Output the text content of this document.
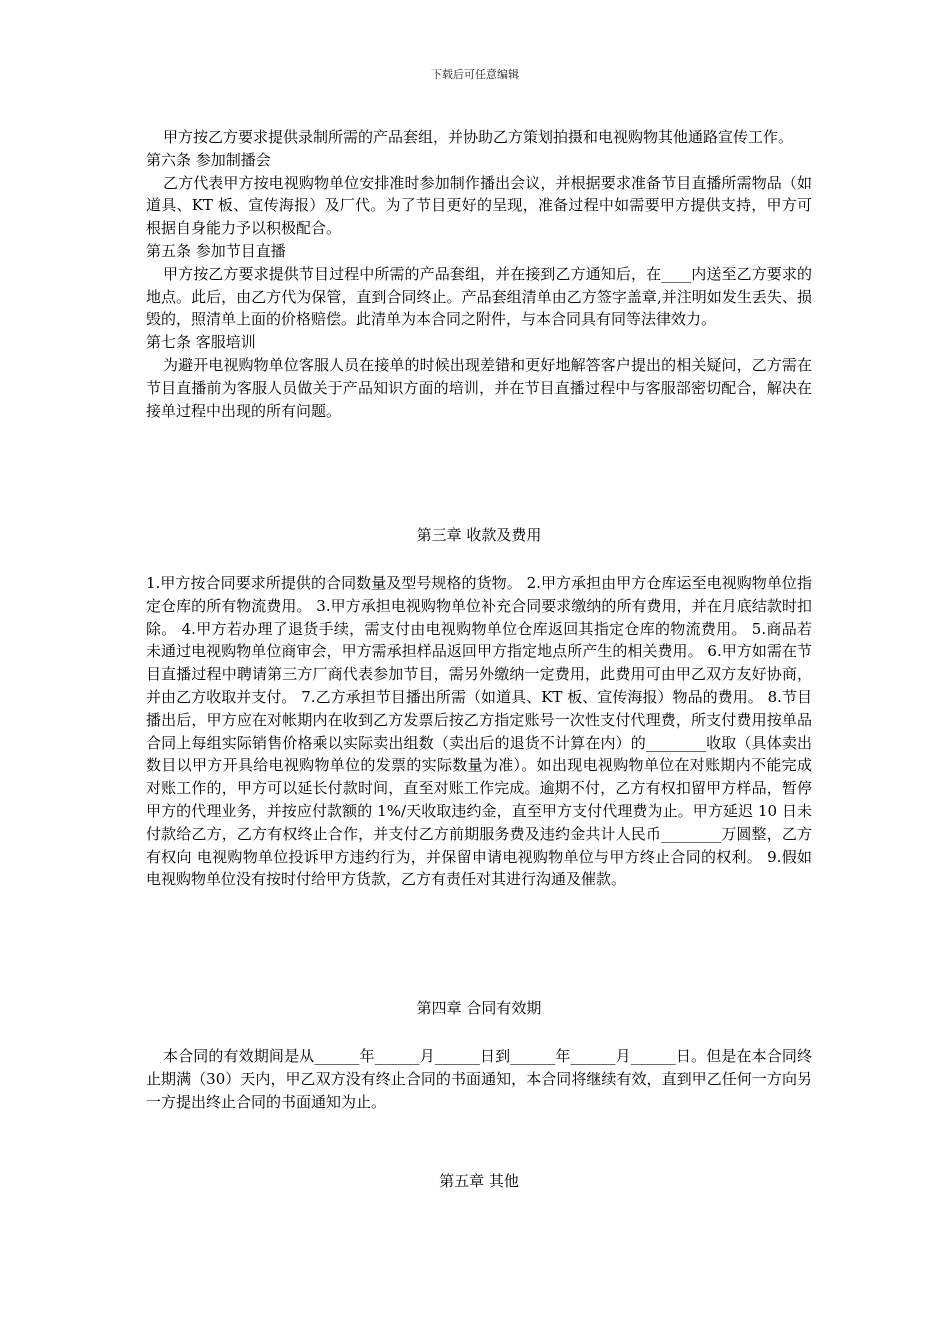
下载后可任意编辑

甲方按乙方要求提供录制所需的产品套组，并协助乙方策划拍摄和电视购物其他通路宣传工作。

第六条 参加制播会

乙方代表甲方按电视购物单位安排准时参加制作播出会议，并根据要求准备节目直播所需物品（如道具、KT 板、宣传海报）及厂代。为了节目更好的呈现，准备过程中如需要甲方提供支持，甲方可根据自身能力予以积极配合。

第五条 参加节目直播

甲方按乙方要求提供节目过程中所需的产品套组，并在接到乙方通知后，在____内送至乙方要求的地点。此后，由乙方代为保管，直到合同终止。产品套组清单由乙方签字盖章,并注明如发生丢失、损毁的，照清单上面的价格赔偿。此清单为本合同之附件，与本合同具有同等法律效力。

第七条 客服培训

为避开电视购物单位客服人员在接单的时候出现差错和更好地解答客户提出的相关疑问，乙方需在节目直播前为客服人员做关于产品知识方面的培训，并在节目直播过程中与客服部密切配合，解决在接单过程中出现的所有问题。

第三章 收款及费用

1.甲方按合同要求所提供的合同数量及型号规格的货物。 2.甲方承担由甲方仓库运至电视购物单位指定仓库的所有物流费用。 3.甲方承担电视购物单位补充合同要求缴纳的所有费用，并在月底结款时扣除。 4.甲方若办理了退货手续，需支付由电视购物单位仓库返回其指定仓库的物流费用。 5.商品若未通过电视购物单位商审会，甲方需承担样品返回甲方指定地点所产生的相关费用。 6.甲方如需在节目直播过程中聘请第三方厂商代表参加节目，需另外缴纳一定费用，此费用可由甲乙双方友好协商，并由乙方收取并支付。 7.乙方承担节目播出所需（如道具、KT 板、宣传海报）物品的费用。 8.节目播出后，甲方应在对帐期内在收到乙方发票后按乙方指定账号一次性支付代理费，所支付费用按单品合同上每组实际销售价格乘以实际卖出组数（卖出后的退货不计算在内）的________收取（具体卖出数目以甲方开具给电视购物单位的发票的实际数量为准）。如出现电视购物单位在对账期内不能完成对账工作的，甲方可以延长付款时间，直至对账工作完成。逾期不付，乙方有权扣留甲方样品，暂停甲方的代理业务，并按应付款额的 1%/天收取违约金，直至甲方支付代理费为止。甲方延迟 10 日未付款给乙方，乙方有权终止合作，并支付乙方前期服务费及违约金共计人民币________万圆整，乙方有权向 电视购物单位投诉甲方违约行为，并保留申请电视购物单位与甲方终止合同的权利。 9.假如电视购物单位没有按时付给甲方货款，乙方有责任对其进行沟通及催款。

第四章 合同有效期

本合同的有效期间是从______年______月______日到______年______月______日。但是在本合同终止期满（30）天内，甲乙双方没有终止合同的书面通知，本合同将继续有效，直到甲乙任何一方向另一方提出终止合同的书面通知为止。

第五章 其他
